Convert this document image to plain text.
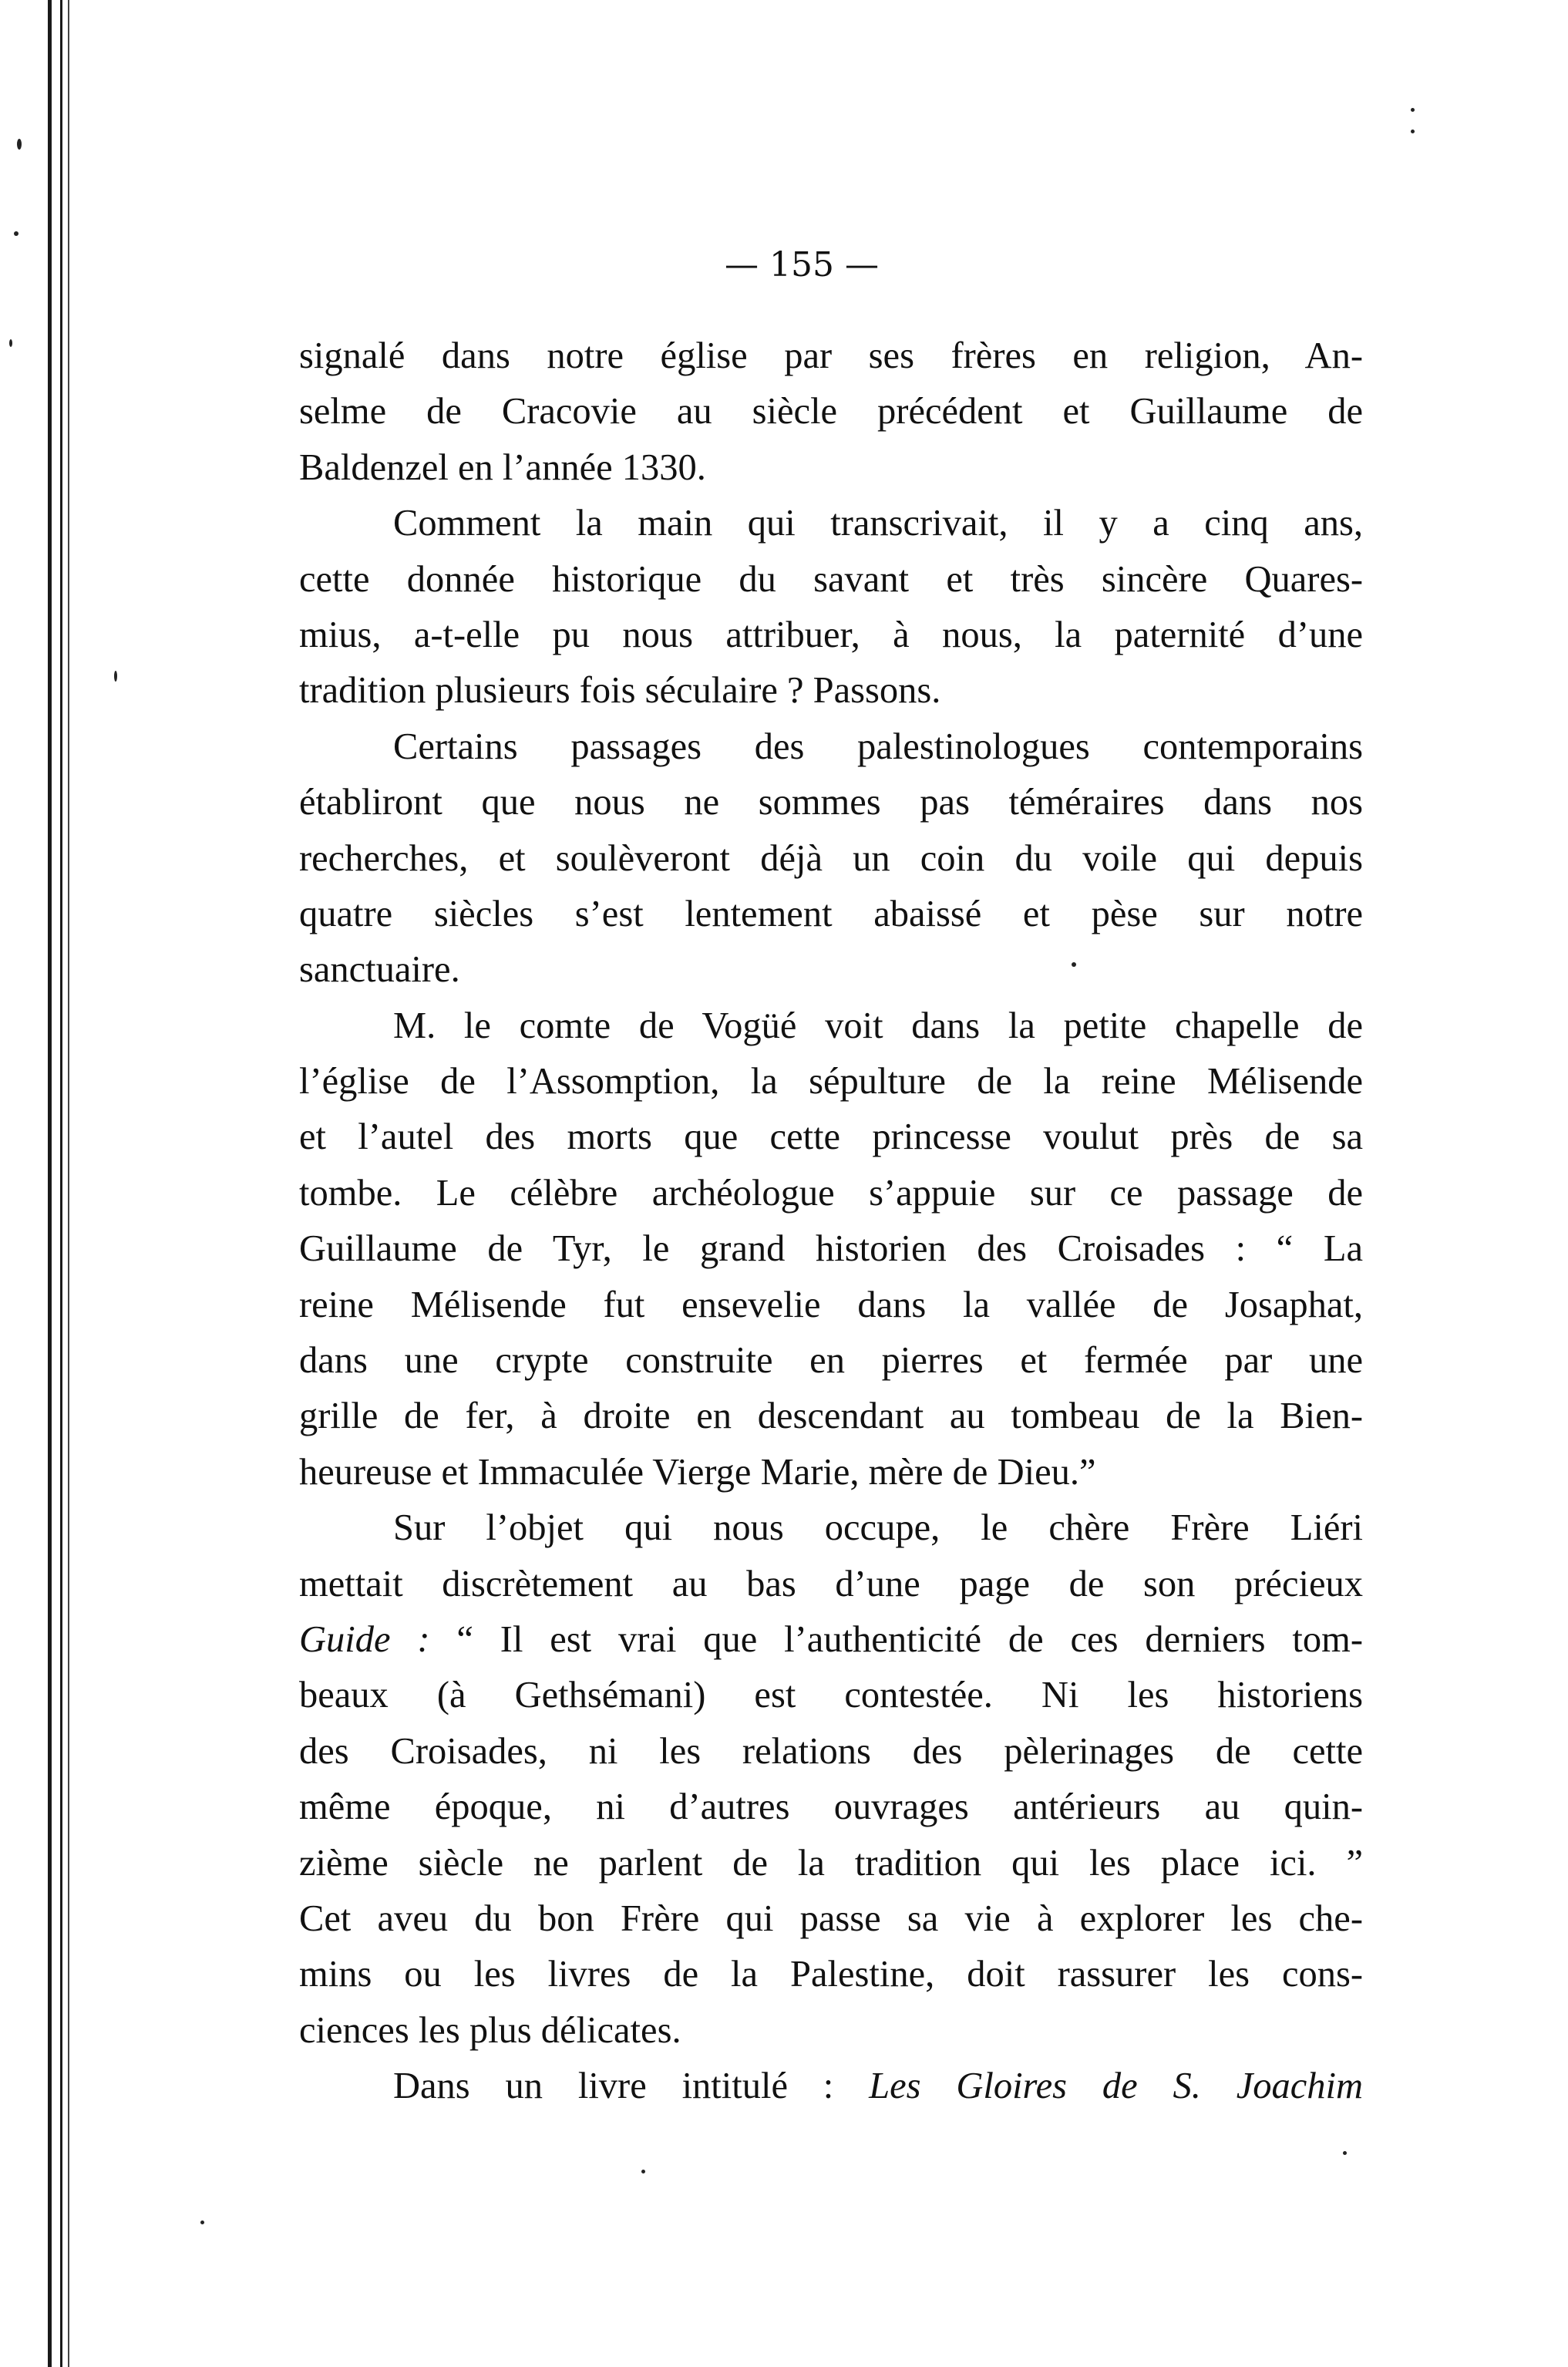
— 155 —
signalé dans notre église par ses frères en religion, An-
selme de Cracovie au siècle précédent et Guillaume de
Baldenzel en l’année 1330.
Comment la main qui transcrivait, il y a cinq ans,
cette donnée historique du savant et très sincère Quares-
mius, a-t-elle pu nous attribuer, à nous, la paternité d’une
tradition plusieurs fois séculaire ? Passons.
Certains passages des palestinologues contemporains
établiront que nous ne sommes pas téméraires dans nos
recherches, et soulèveront déjà un coin du voile qui depuis
quatre siècles s’est lentement abaissé et pèse sur notre
sanctuaire.
M. le comte de Vogüé voit dans la petite chapelle de
l’église de l’Assomption, la sépulture de la reine Mélisende
et l’autel des morts que cette princesse voulut près de sa
tombe. Le célèbre archéologue s’appuie sur ce passage de
Guillaume de Tyr, le grand historien des Croisades : “ La
reine Mélisende fut ensevelie dans la vallée de Josaphat,
dans une crypte construite en pierres et fermée par une
grille de fer, à droite en descendant au tombeau de la Bien-
heureuse et Immaculée Vierge Marie, mère de Dieu.”
Sur l’objet qui nous occupe, le chère Frère Liéri
mettait discrètement au bas d’une page de son précieux
Guide : “ Il est vrai que l’authenticité de ces derniers tom-
beaux (à Gethsémani) est contestée. Ni les historiens
des Croisades, ni les relations des pèlerinages de cette
même époque, ni d’autres ouvrages antérieurs au quin-
zième siècle ne parlent de la tradition qui les place ici. ”
Cet aveu du bon Frère qui passe sa vie à explorer les che-
mins ou les livres de la Palestine, doit rassurer les cons-
ciences les plus délicates.
Dans un livre intitulé : Les Gloires de S. Joachim
